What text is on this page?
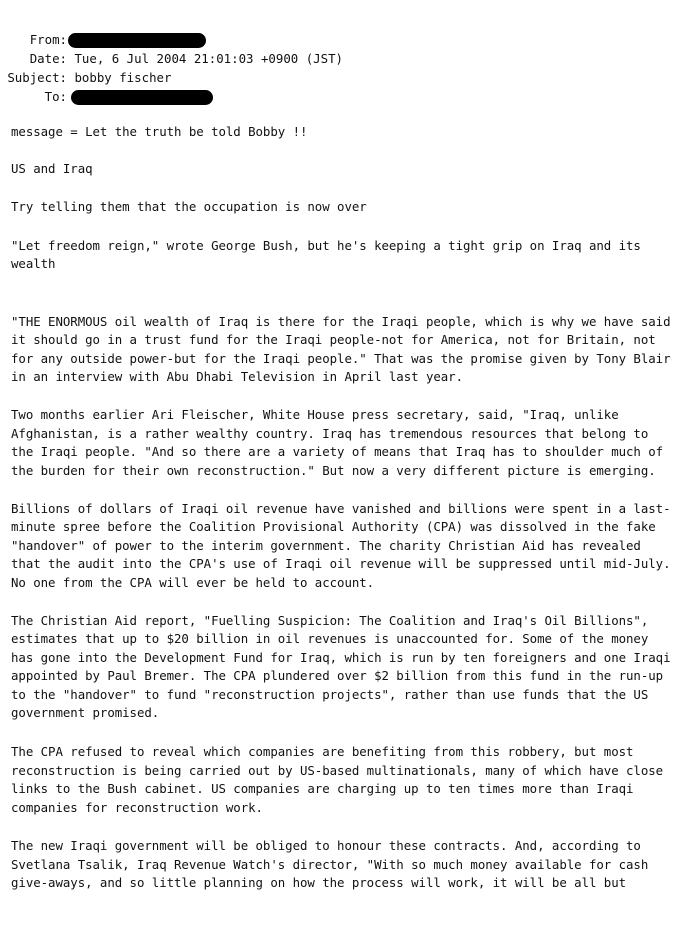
From:
Date: Tue, 6 Jul 2004 21:01:03 +0900 (JST)
Subject: bobby fischer
To:
message = Let the truth be told Bobby !!
US and Iraq
Try telling them that the occupation is now over
"Let freedom reign," wrote George Bush, but he's keeping a tight grip on Iraq and its
wealth
"THE ENORMOUS oil wealth of Iraq is there for the Iraqi people, which is why we have said
it should go in a trust fund for the Iraqi people-not for America, not for Britain, not
for any outside power-but for the Iraqi people." That was the promise given by Tony Blair
in an interview with Abu Dhabi Television in April last year.
Two months earlier Ari Fleischer, White House press secretary, said, "Iraq, unlike
Afghanistan, is a rather wealthy country. Iraq has tremendous resources that belong to
the Iraqi people. "And so there are a variety of means that Iraq has to shoulder much of
the burden for their own reconstruction." But now a very different picture is emerging.
Billions of dollars of Iraqi oil revenue have vanished and billions were spent in a last-
minute spree before the Coalition Provisional Authority (CPA) was dissolved in the fake
"handover" of power to the interim government. The charity Christian Aid has revealed
that the audit into the CPA's use of Iraqi oil revenue will be suppressed until mid-July.
No one from the CPA will ever be held to account.
The Christian Aid report, "Fuelling Suspicion: The Coalition and Iraq's Oil Billions",
estimates that up to $20 billion in oil revenues is unaccounted for. Some of the money
has gone into the Development Fund for Iraq, which is run by ten foreigners and one Iraqi
appointed by Paul Bremer. The CPA plundered over $2 billion from this fund in the run-up
to the "handover" to fund "reconstruction projects", rather than use funds that the US
government promised.
The CPA refused to reveal which companies are benefiting from this robbery, but most
reconstruction is being carried out by US-based multinationals, many of which have close
links to the Bush cabinet. US companies are charging up to ten times more than Iraqi
companies for reconstruction work.
The new Iraqi government will be obliged to honour these contracts. And, according to
Svetlana Tsalik, Iraq Revenue Watch's director, "With so much money available for cash
give-aways, and so little planning on how the process will work, it will be all but
